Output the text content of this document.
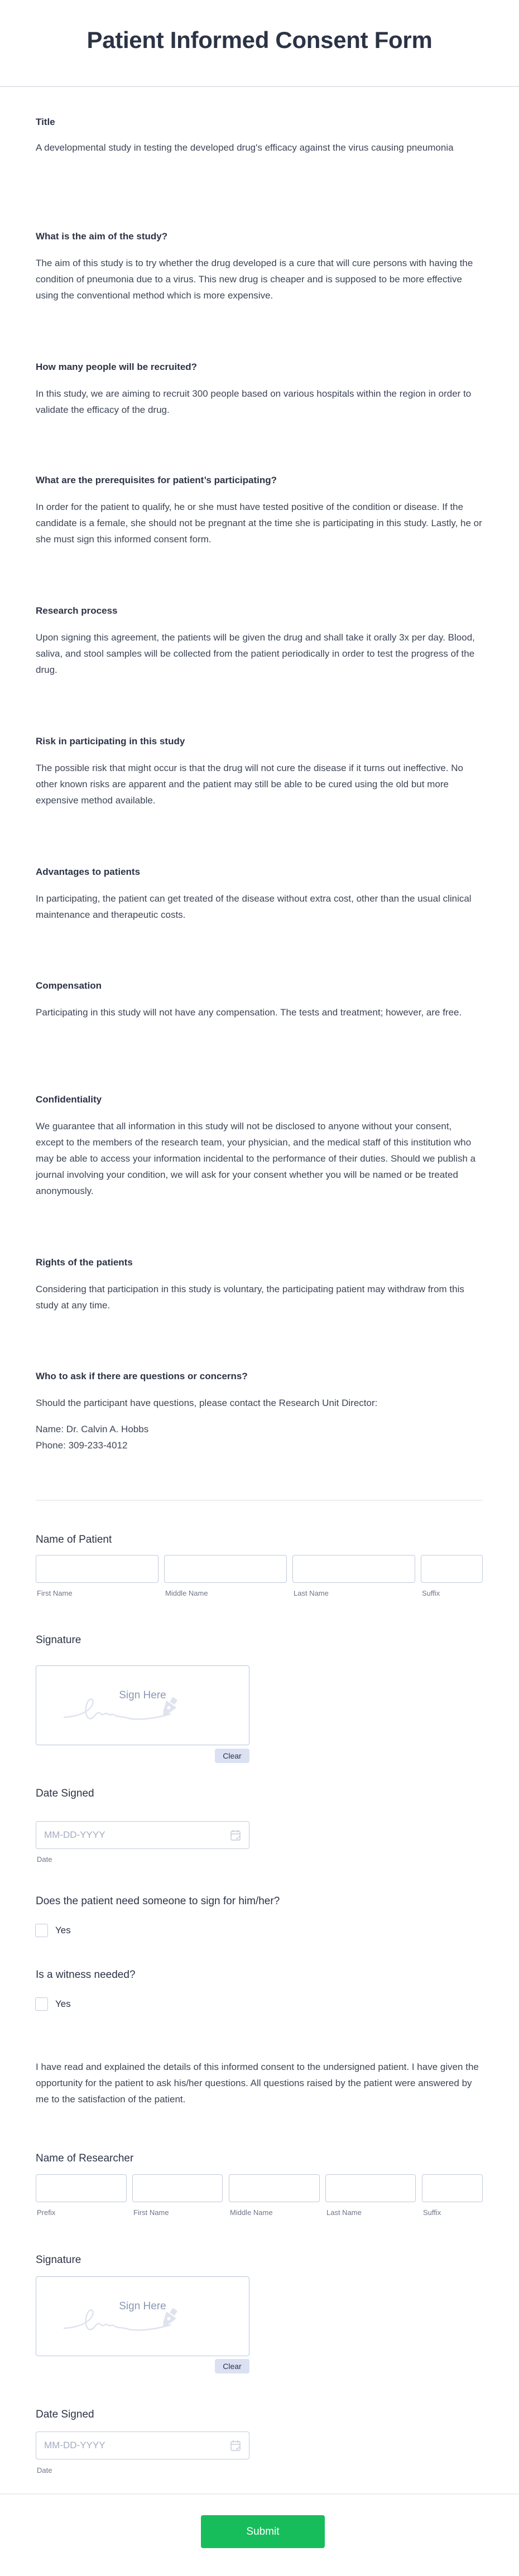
Patient Informed Consent Form
Title

A developmental study in testing the developed drug's efficacy against the virus causing pneumonia

What is the aim of the study?

The aim of this study is to try whether the drug developed is a cure that will cure persons with having the condition of pneumonia due to a virus. This new drug is cheaper and is supposed to be more effective using the conventional method which is more expensive.

How many people will be recruited?

In this study, we are aiming to recruit 300 people based on various hospitals within the region in order to validate the efficacy of the drug.

What are the prerequisites for patient’s participating?

In order for the patient to qualify, he or she must have tested positive of the condition or disease. If the candidate is a female, she should not be pregnant at the time she is participating in this study. Lastly, he or she must sign this informed consent form.

Research process

Upon signing this agreement, the patients will be given the drug and shall take it orally 3x per day. Blood, saliva, and stool samples will be collected from the patient periodically in order to test the progress of the drug.

Risk in participating in this study

The possible risk that might occur is that the drug will not cure the disease if it turns out ineffective. No other known risks are apparent and the patient may still be able to be cured using the old but more expensive method available.

Advantages to patients

In participating, the patient can get treated of the disease without extra cost, other than the usual clinical maintenance and therapeutic costs.

Compensation

Participating in this study will not have any compensation. The tests and treatment; however, are free.

Confidentiality

We guarantee that all information in this study will not be disclosed to anyone without your consent, except to the members of the research team, your physician, and the medical staff of this institution who may be able to access your information incidental to the performance of their duties. Should we publish a journal involving your condition, we will ask for your consent whether you will be named or be treated anonymously.

Rights of the patients

Considering that participation in this study is voluntary, the participating patient may withdraw from this study at any time.

Who to ask if there are questions or concerns?

Should the participant have questions, please contact the Research Unit Director:

Name: Dr. Calvin A. Hobbs

Phone: 309-233-4012

Name of Patient
First Name	Middle Name	Last Name	Suffix
Signature
Sign Here
Clear
Date Signed
MM-DD-YYYY
Date
Does the patient need someone to sign for him/her?
Yes
Is a witness needed?
Yes

I have read and explained the details of this informed consent to the undersigned patient. I have given the opportunity for the patient to ask his/her questions. All questions raised by the patient were answered by me to the satisfaction of the patient.

Name of Researcher
Prefix	First Name	Middle Name	Last Name	Suffix
Signature
Sign Here
Clear
Date Signed
MM-DD-YYYY
Date
Submit
